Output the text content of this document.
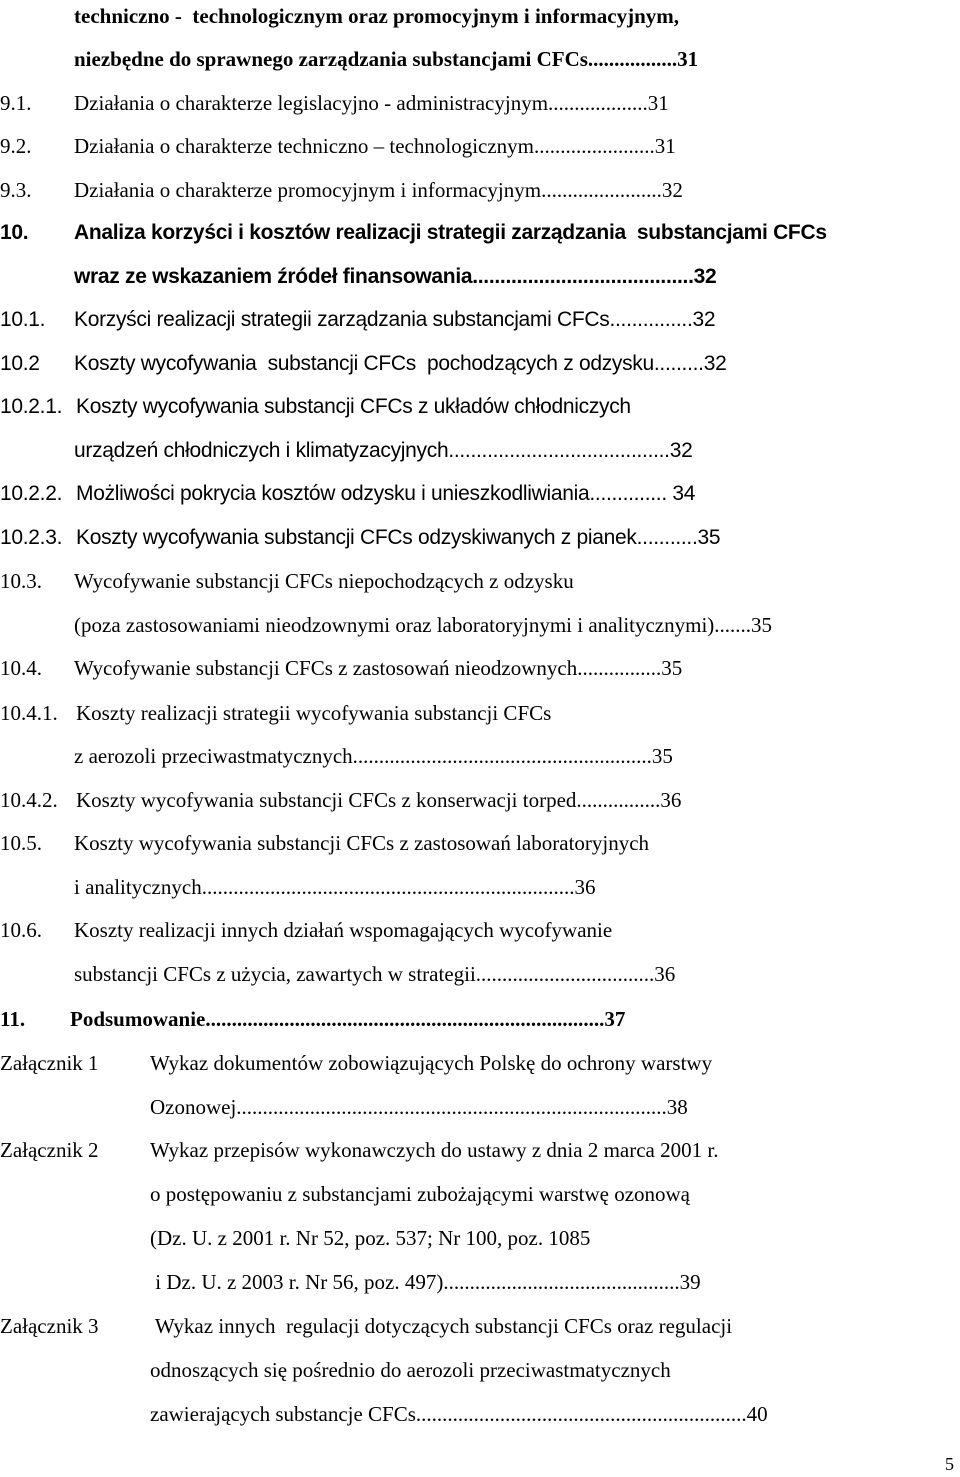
techniczno -  technologicznym oraz promocyjnym i informacyjnym,
niezbędne do sprawnego zarządzania substancjami CFCs.................31
9.1. Działania o charakterze legislacyjno - administracyjnym...................31
9.2. Działania o charakterze techniczno – technologicznym.......................31
9.3. Działania o charakterze promocyjnym i informacyjnym.......................32
10. Analiza korzyści i kosztów realizacji strategii zarządzania  substancjami CFCs
wraz ze wskazaniem źródeł finansowania........................................32
10.1. Korzyści realizacji strategii zarządzania substancjami CFCs...............32
10.2 Koszty wycofywania  substancji CFCs  pochodzących z odzysku.........32
10.2.1. Koszty wycofywania substancji CFCs z układów chłodniczych
urządzeń chłodniczych i klimatyzacyjnych........................................32
10.2.2. Możliwości pokrycia kosztów odzysku i unieszkodliwiania.............. 34
10.2.3. Koszty wycofywania substancji CFCs odzyskiwanych z pianek...........35
10.3. Wycofywanie substancji CFCs niepochodzących z odzysku
(poza zastosowaniami nieodzownymi oraz laboratoryjnymi i analitycznymi).......35
10.4. Wycofywanie substancji CFCs z zastosowań nieodzownych................35
10.4.1. Koszty realizacji strategii wycofywania substancji CFCs
z aerozoli przeciwastmatycznych.........................................................35
10.4.2. Koszty wycofywania substancji CFCs z konserwacji torped................36
10.5. Koszty wycofywania substancji CFCs z zastosowań laboratoryjnych
i analitycznych.......................................................................36
10.6. Koszty realizacji innych działań wspomagających wycofywanie
substancji CFCs z użycia, zawartych w strategii..................................36
11. Podsumowanie............................................................................37
Załącznik 1 Wykaz dokumentów zobowiązujących Polskę do ochrony warstwy
Ozonowej..................................................................................38
Załącznik 2 Wykaz przepisów wykonawczych do ustawy z dnia 2 marca 2001 r.
o postępowaniu z substancjami zubożającymi warstwę ozonową
(Dz. U. z 2001 r. Nr 52, poz. 537; Nr 100, poz. 1085
i Dz. U. z 2003 r. Nr 56, poz. 497).............................................39
Załącznik 3 Wykaz innych  regulacji dotyczących substancji CFCs oraz regulacji
odnoszących się pośrednio do aerozoli przeciwastmatycznych
zawierających substancje CFCs...............................................................40
5
